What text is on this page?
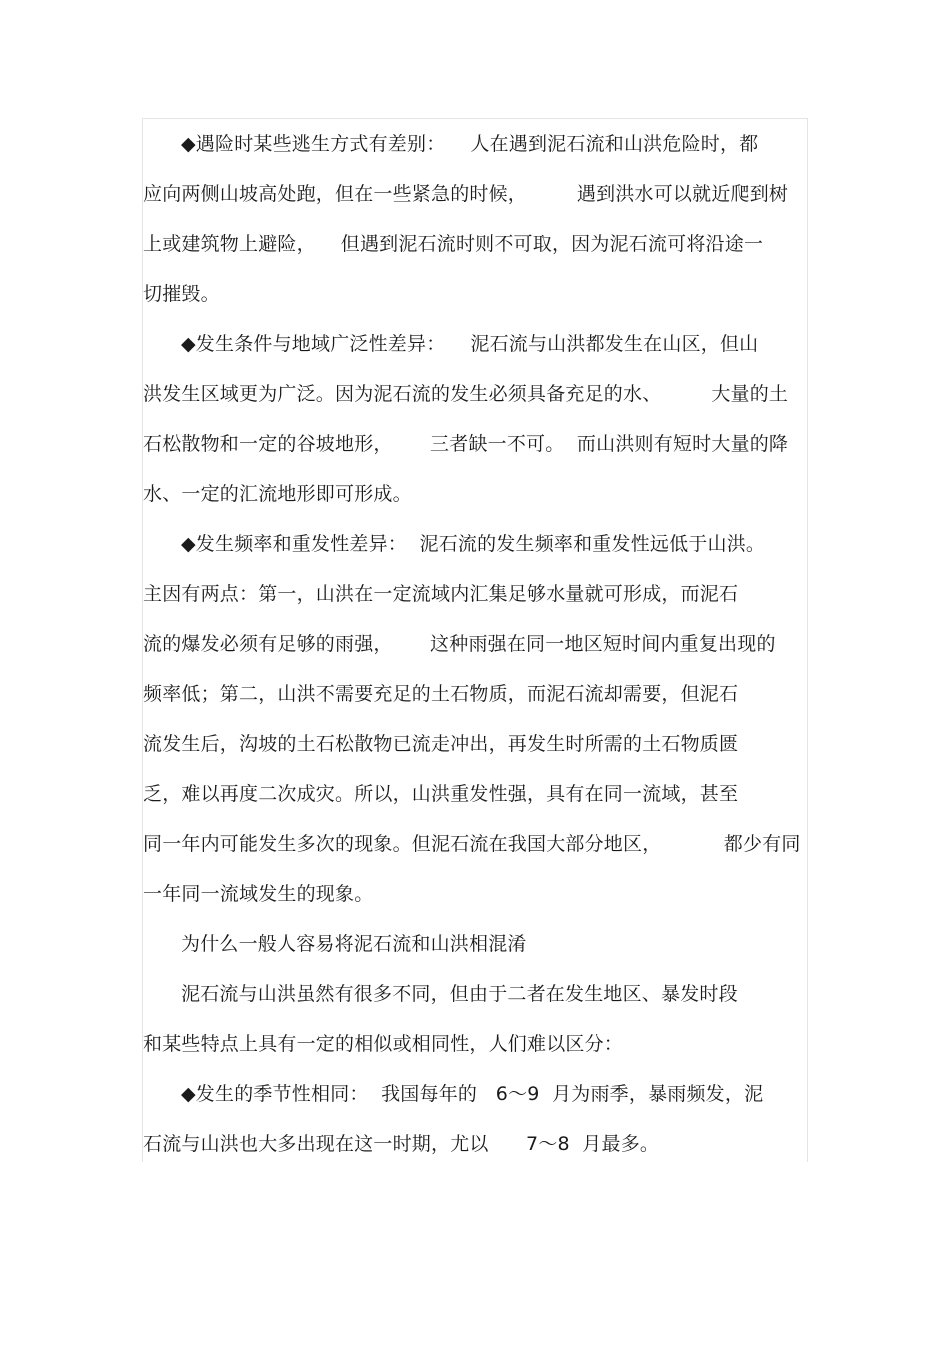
◆遇险时某些逃生方式有差别：    人在遇到泥石流和山洪危险时，都
应向两侧山坡高处跑，但在一些紧急的时候，        遇到洪水可以就近爬到树
上或建筑物上避险，    但遇到泥石流时则不可取，因为泥石流可将沿途一
切摧毁。
◆发生条件与地域广泛性差异：    泥石流与山洪都发生在山区，但山
洪发生区域更为广泛。因为泥石流的发生必须具备充足的水、        大量的土
石松散物和一定的谷坡地形，      三者缺一不可。  而山洪则有短时大量的降
水、一定的汇流地形即可形成。
◆发生频率和重发性差异：  泥石流的发生频率和重发性远低于山洪。
主因有两点：第一，山洪在一定流域内汇集足够水量就可形成，而泥石
流的爆发必须有足够的雨强，      这种雨强在同一地区短时间内重复出现的
频率低；第二，山洪不需要充足的土石物质，而泥石流却需要，但泥石
流发生后，沟坡的土石松散物已流走冲出，再发生时所需的土石物质匮
乏，难以再度二次成灾。所以，山洪重发性强，具有在同一流域，甚至
同一年内可能发生多次的现象。但泥石流在我国大部分地区，          都少有同
一年同一流域发生的现象。
为什么一般人容易将泥石流和山洪相混淆
泥石流与山洪虽然有很多不同，但由于二者在发生地区、暴发时段
和某些特点上具有一定的相似或相同性，人们难以区分：
◆发生的季节性相同：  我国每年的   6～9  月为雨季，暴雨频发，泥
石流与山洪也大多出现在这一时期，尤以      7～8  月最多。
